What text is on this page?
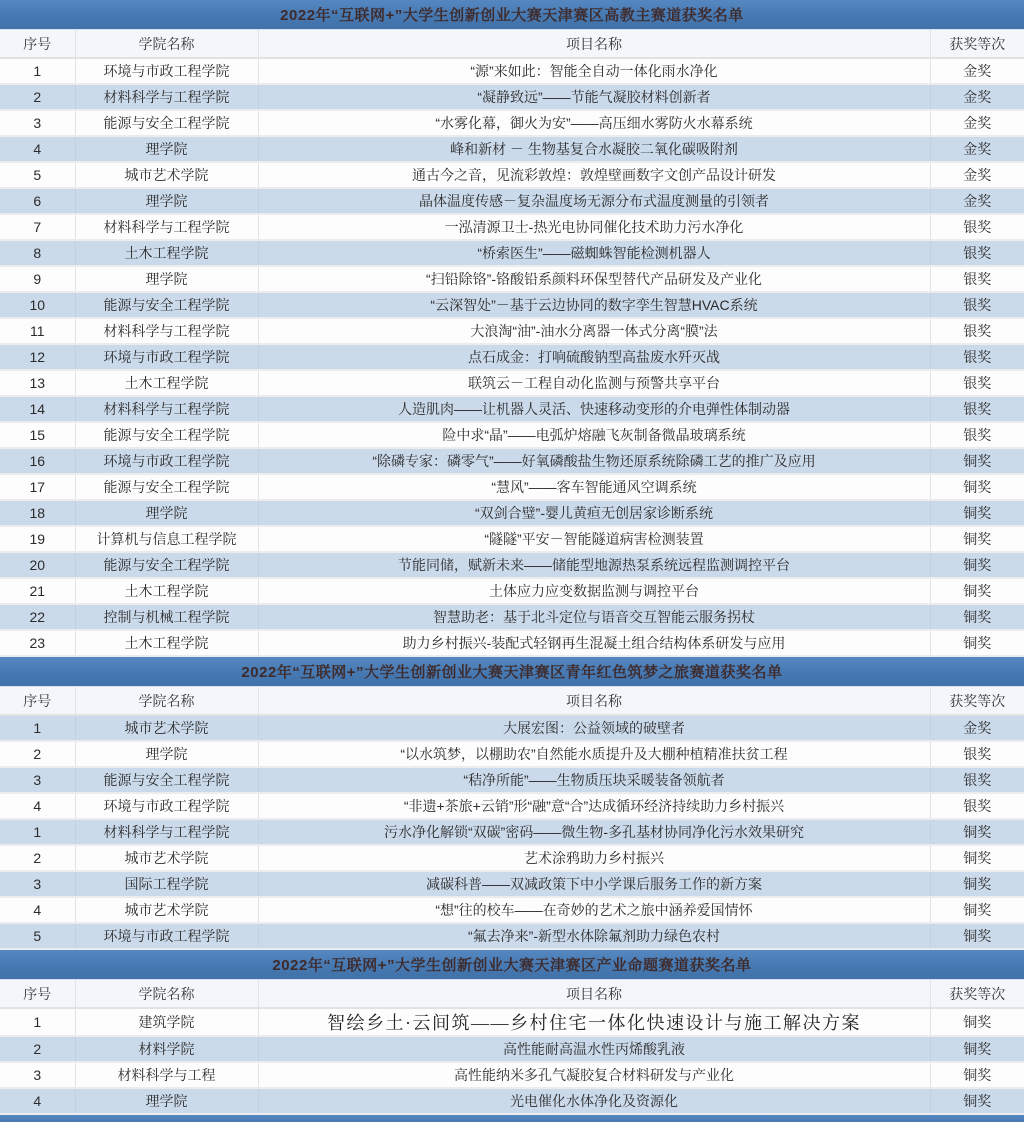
2022年“互联网+”大学生创新创业大赛天津赛区高教主赛道获奖名单
序号	学院名称	项目名称	获奖等次
1	环境与市政工程学院	“源”来如此：智能全自动一体化雨水净化	金奖
2	材料科学与工程学院	“凝静致远”——节能气凝胶材料创新者	金奖
3	能源与安全工程学院	“水雾化幕，御火为安”——高压细水雾防火水幕系统	金奖
4	理学院	峰和新材 － 生物基复合水凝胶二氧化碳吸附剂	金奖
5	城市艺术学院	通古今之音，见流彩敦煌：敦煌壁画数字文创产品设计研发	金奖
6	理学院	晶体温度传感－复杂温度场无源分布式温度测量的引领者	金奖
7	材料科学与工程学院	一泓清源卫士-热光电协同催化技术助力污水净化	银奖
8	土木工程学院	“桥索医生”——磁蜘蛛智能检测机器人	银奖
9	理学院	“扫铅除铬”-铬酸铅系颜料环保型替代产品研发及产业化	银奖
10	能源与安全工程学院	“云深智处”－基于云边协同的数字孪生智慧HVAC系统	银奖
11	材料科学与工程学院	大浪淘“油”-油水分离器一体式分离“膜”法	银奖
12	环境与市政工程学院	点石成金：打响硫酸钠型高盐废水歼灭战	银奖
13	土木工程学院	联筑云－工程自动化监测与预警共享平台	银奖
14	材料科学与工程学院	人造肌肉——让机器人灵活、快速移动变形的介电弹性体制动器	银奖
15	能源与安全工程学院	险中求“晶”——电弧炉熔融飞灰制备微晶玻璃系统	银奖
16	环境与市政工程学院	“除磷专家：磷零气”——好氧磷酸盐生物还原系统除磷工艺的推广及应用	铜奖
17	能源与安全工程学院	“慧风”——客车智能通风空调系统	铜奖
18	理学院	“双剑合璧”-婴儿黄疸无创居家诊断系统	铜奖
19	计算机与信息工程学院	“隧隧”平安－智能隧道病害检测装置	铜奖
20	能源与安全工程学院	节能同储，赋新未来——储能型地源热泵系统远程监测调控平台	铜奖
21	土木工程学院	土体应力应变数据监测与调控平台	铜奖
22	控制与机械工程学院	智慧助老：基于北斗定位与语音交互智能云服务拐杖	铜奖
23	土木工程学院	助力乡村振兴-装配式轻钢再生混凝土组合结构体系研发与应用	铜奖
2022年“互联网+”大学生创新创业大赛天津赛区青年红色筑梦之旅赛道获奖名单
序号	学院名称	项目名称	获奖等次
1	城市艺术学院	大展宏图：公益领域的破壁者	金奖
2	理学院	“以水筑梦，以棚助农”自然能水质提升及大棚种植精准扶贫工程	银奖
3	能源与安全工程学院	“秸净所能”——生物质压块采暖装备领航者	银奖
4	环境与市政工程学院	“非遗+茶旅+云销”形“融”意“合”达成循环经济持续助力乡村振兴	银奖
1	材料科学与工程学院	污水净化解锁“双碳”密码——微生物-多孔基材协同净化污水效果研究	铜奖
2	城市艺术学院	艺术涂鸦助力乡村振兴	铜奖
3	国际工程学院	减碳科普——双减政策下中小学课后服务工作的新方案	铜奖
4	城市艺术学院	“想”往的校车——在奇妙的艺术之旅中涵养爱国情怀	铜奖
5	环境与市政工程学院	“氟去净来”-新型水体除氟剂助力绿色农村	铜奖
2022年“互联网+”大学生创新创业大赛天津赛区产业命题赛道获奖名单
序号	学院名称	项目名称	获奖等次
1	建筑学院	智绘乡土·云间筑——乡村住宅一体化快速设计与施工解决方案	铜奖
2	材料学院	高性能耐高温水性丙烯酸乳液	铜奖
3	材料科学与工程	高性能纳米多孔气凝胶复合材料研发与产业化	铜奖
4	理学院	光电催化水体净化及资源化	铜奖
